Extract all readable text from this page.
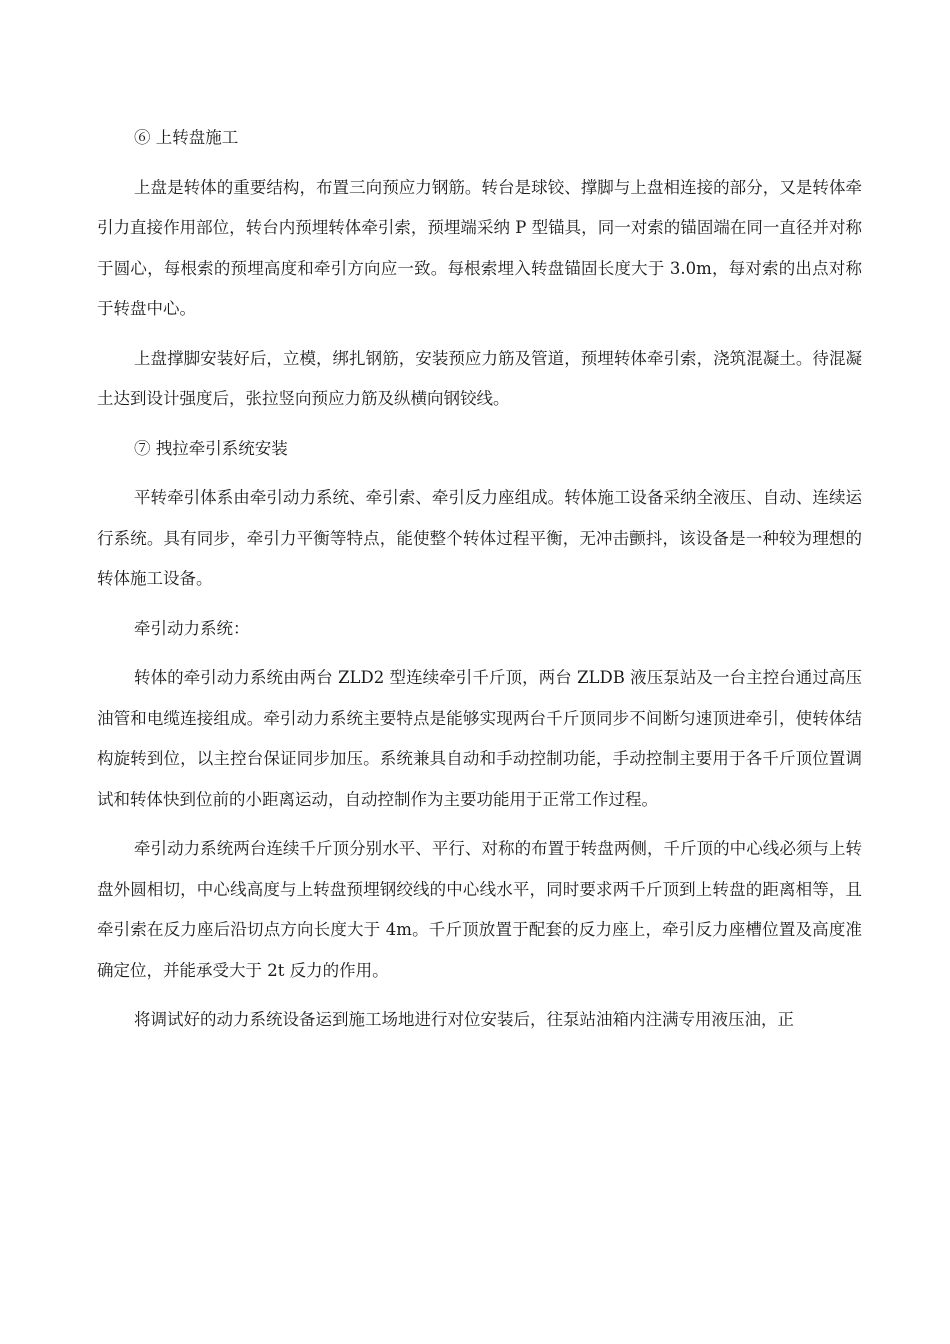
⑥ 上转盘施工

上盘是转体的重要结构，布置三向预应力钢筋。转台是球铰、撑脚与上盘相连接的部分，又是转体牵引力直接作用部位，转台内预埋转体牵引索，预埋端采纳 P 型锚具，同一对索的锚固端在同一直径并对称于圆心，每根索的预埋高度和牵引方向应一致。每根索埋入转盘锚固长度大于 3.0m，每对索的出点对称于转盘中心。

上盘撑脚安装好后，立模，绑扎钢筋，安装预应力筋及管道，预埋转体牵引索，浇筑混凝土。待混凝土达到设计强度后，张拉竖向预应力筋及纵横向钢铰线。

⑦ 拽拉牵引系统安装

平转牵引体系由牵引动力系统、牵引索、牵引反力座组成。转体施工设备采纳全液压、自动、连续运行系统。具有同步，牵引力平衡等特点，能使整个转体过程平衡，无冲击颤抖，该设备是一种较为理想的转体施工设备。

牵引动力系统：

转体的牵引动力系统由两台 ZLD2 型连续牵引千斤顶，两台 ZLDB 液压泵站及一台主控台通过高压油管和电缆连接组成。牵引动力系统主要特点是能够实现两台千斤顶同步不间断匀速顶进牵引，使转体结构旋转到位，以主控台保证同步加压。系统兼具自动和手动控制功能，手动控制主要用于各千斤顶位置调试和转体快到位前的小距离运动，自动控制作为主要功能用于正常工作过程。

牵引动力系统两台连续千斤顶分别水平、平行、对称的布置于转盘两侧，千斤顶的中心线必须与上转盘外圆相切，中心线高度与上转盘预埋钢绞线的中心线水平，同时要求两千斤顶到上转盘的距离相等，且牵引索在反力座后沿切点方向长度大于 4m。千斤顶放置于配套的反力座上，牵引反力座槽位置及高度准确定位，并能承受大于 2t 反力的作用。

将调试好的动力系统设备运到施工场地进行对位安装后，往泵站油箱内注满专用液压油，正
